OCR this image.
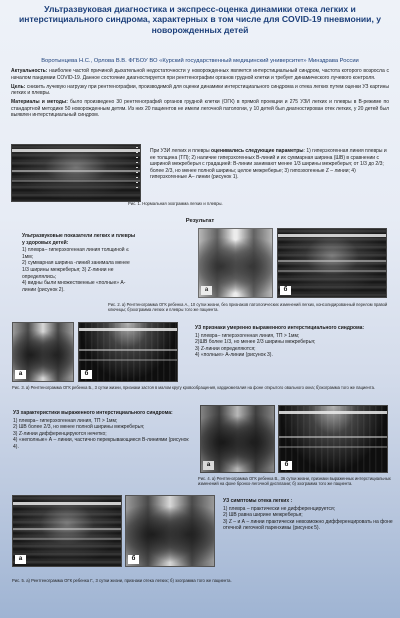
Ультразвуковая диагностика и экспресс-оценка динамики отека легких и интерстициального синдрома, характерных в том числе для COVID-19 пневмонии, у новорожденных детей
Воротынцева Н.С., Орлова В.В. ФГБОУ ВО «Курский государственный медицинский университет» Минздрава России

Актуальность: наиболее частой причиной дыхательной недостаточности у новорожденных является интерстициальный синдром, частота которого возросла с началом пандемии COVID-19. Данное состояние диагностируется при рентгенографии органов грудной клетки и требует динамического лучевого контроля.

Цель: снизить лучевую нагрузку при рентгенографии, производимой для оценки динамики интерстициального синдрома и отека легких путем оценки УЗ картины легких и плевры.

Материалы и методы: было произведено 30 рентгенографий органов грудной клетки (ОГК) в прямой проекции и 275 УЗИ легких и плевры в В-режиме по стандартной методике 50 новорожденным детям. Из них 20 пациентов не имели легочной патологии, у 10 детей был диагностирован отек легких, у 20 детей был выявлен интерстициальный синдром.

Рис. 1. Нормальная эхограмма легких и плевры.
При УЗИ легких и плевры оценивались следующие параметры: 1) гиперэхогенная линия плевры и ее толщина (ТП); 2) наличие гиперэхогенных В-линий и их суммарная ширина (ШВ) в сравнении с шириной межреберья с градацией: В-линии занимают менее 1/3 ширины межреберья; от 1/3 до 2/3; более 2/3, но менее полной ширины; целое межреберье; 3) гипоэхогенные Z – линии; 4) гиперэхогенные А– линии (рисунок 1).
Результат

Ультразвуковые показатели легких и плевры у здоровых детей:

1) плевра– гиперэхогенная линия толщиной ≤ 1мм;

2) суммарная ширина -линий занимала менее 1/3 ширины межреберья; 3) Z-линии не определялись;

4) видны были множественные «полные» А-линии (рисунок 2).	а	б
Рис. 2. а) Рентгенограмма ОГК ребенка А., 10 сутки жизни, без признаков патологических изменений легких, консолидированный перелом правой ключицы; б)эхограмма легких и плевры того же пациента.
а	б

УЗ признаки умеренно выраженного интерстициального синдрома:

1) плевра– гиперэхогенная линия, ТП > 1мм;

2)ШВ более 1/3, но менее 2/3 ширины межреберья;

3) Z-линии определяются;

4) «полные» А-линии (рисунок 3).

Рис. 3. а) Рентгенограмма ОГК ребенка Б., 3 сутки жизни, признаки застоя в малом кругу кровообращения, кардиомегалия на фоне открытого овального окна; б)эхограмма того же пациента.

УЗ характеристики выраженного интерстициального синдрома:

1) плевра– гиперэхогенная линия, ТП > 1мм;

2) ШВ более 2/3, но менее полной ширины межреберья;

3) Z-линии дифференцируются нечетко;

4) «неполные» А – линии, частично перекрывающиеся В-линиями (рисунок 4).

а	б
Рис. 4. а) Рентгенограмма ОГК ребенка В., 36 сутки жизни, признаки выраженных интерстициальных изменений на фоне бронхо-легочной дисплазии; б) эхограмма того же пациента.
а	б

УЗ симптомы отека легких :

1) плевра – практически не дифференцируется;

2) ШВ равна ширине межреберья;

3) Z – и А – линии практически невозможно дифференцировать на фоне отечной легочной паренхимы (рисунок 5).

Рис. 5. а) Рентгенограмма ОГК ребенка Г., 3 сутки жизни, признаки отека легких; б) эхограмма того же пациента.
